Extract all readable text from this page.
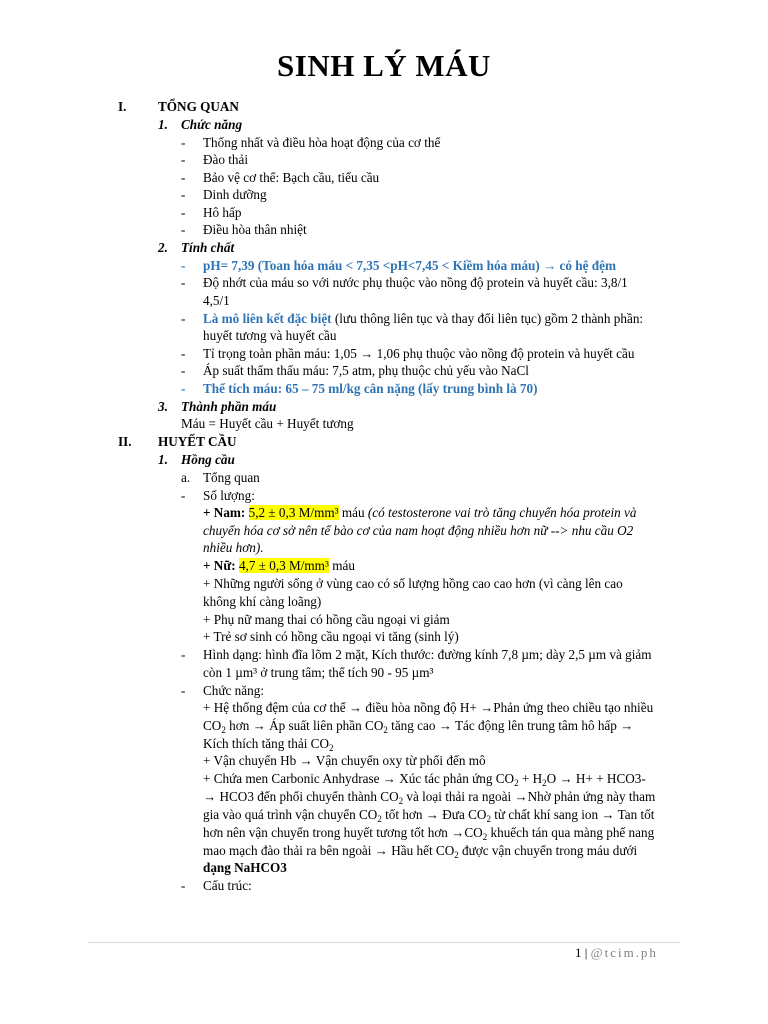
SINH LÝ MÁU
I. TỔNG QUAN
1. Chức năng
- Thống nhất và điều hòa hoạt động của cơ thể
- Đào thải
- Bảo vệ cơ thể: Bạch cầu, tiểu cầu
- Dinh dưỡng
- Hô hấp
- Điều hòa thân nhiệt
2. Tính chất
- pH= 7,39 (Toan hóa máu < 7,35 <pH<7,45 < Kiềm hóa máu) → có hệ đệm
- Độ nhớt của máu so với nước phụ thuộc vào nồng độ protein và huyết cầu: 3,8/1
4,5/1
- Là mô liên kết đặc biệt (lưu thông liên tục và thay đổi liên tục) gồm 2 thành phần:
huyết tương và huyết cầu
- Tỉ trọng toàn phần máu: 1,05 → 1,06 phụ thuộc vào nồng độ protein và huyết cầu
- Áp suất thẩm thấu máu: 7,5 atm, phụ thuộc chủ yếu vào NaCl
- Thể tích máu: 65 – 75 ml/kg cân nặng (lấy trung bình là 70)
3. Thành phần máu
Máu = Huyết cầu + Huyết tương
II. HUYẾT CẦU
1. Hồng cầu
a. Tổng quan
- Số lượng:
+ Nam: 5,2 ± 0,3 M/mm³ máu (có testosterone vai trò tăng chuyển hóa protein và
chuyển hóa cơ sở nên tế bào cơ của nam hoạt động nhiều hơn nữ --> nhu cầu O2
nhiều hơn).
+ Nữ: 4,7 ± 0,3 M/mm³ máu
+ Những người sống ở vùng cao có số lượng hồng cao cao hơn (vì càng lên cao
không khí càng loãng)
+ Phụ nữ mang thai có hồng cầu ngoại vi giảm
+ Trẻ sơ sinh có hồng cầu ngoại vi tăng (sinh lý)
- Hình dạng: hình đĩa lõm 2 mặt, Kích thước: đường kính 7,8 µm; dày 2,5 µm và giảm
còn 1 µm³ ở trung tâm; thể tích 90 - 95 µm³
- Chức năng:
+ Hệ thống đệm của cơ thể → điều hòa nồng độ H+ →Phản ứng theo chiều tạo nhiều
$CO_2$ hơn → Áp suất liên phần $CO_2$ tăng cao → Tác động lên trung tâm hô hấp →
Kích thích tăng thải $CO_2$
+ Vận chuyển Hb → Vận chuyển oxy từ phổi đến mô
+ Chứa men Carbonic Anhydrase → Xúc tác phản ứng $CO_2 + H_2O \to H+ + HCO3-$
→ HCO3 đến phổi chuyển thành $CO_2$ và loại thải ra ngoài →Nhờ phản ứng này tham
gia vào quá trình vận chuyển $CO_2$ tốt hơn → Đưa $CO_2$ từ chất khí sang ion → Tan tốt
hơn nên vận chuyển trong huyết tương tốt hơn $\to CO_2$ khuếch tán qua màng phế nang
mao mạch đào thải ra bên ngoài → Hầu hết $CO_2$ được vận chuyển trong máu dưới
dạng NaHCO3
- Cấu trúc:
1 | @tcim.ph
